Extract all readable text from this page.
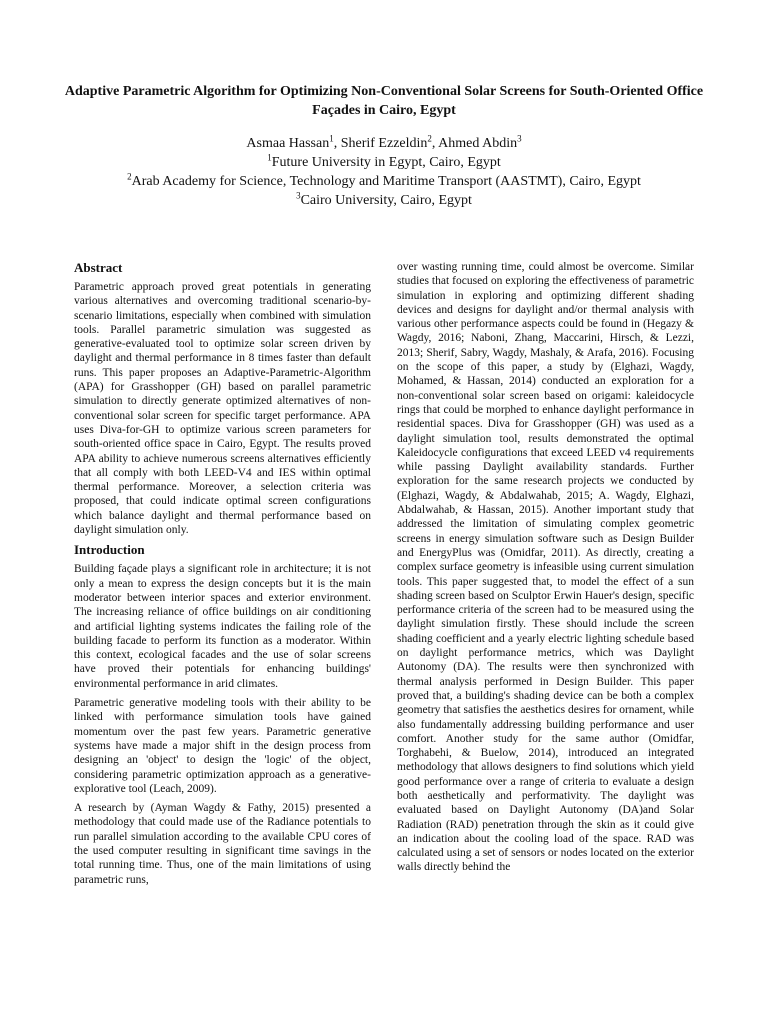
Adaptive Parametric Algorithm for Optimizing Non-Conventional Solar Screens for South-Oriented Office Façades in Cairo, Egypt
Asmaa Hassan$^1$, Sherif Ezzeldin$^2$, Ahmed Abdin$^3$
$^1$Future University in Egypt, Cairo, Egypt
$^2$Arab Academy for Science, Technology and Maritime Transport (AASTMT), Cairo, Egypt
$^3$Cairo University, Cairo, Egypt
Abstract

Parametric approach proved great potentials in generating various alternatives and overcoming traditional scenario-by-scenario limitations, especially when combined with simulation tools. Parallel parametric simulation was suggested as generative-evaluated tool to optimize solar screen driven by daylight and thermal performance in 8 times faster than default runs. This paper proposes an Adaptive-Parametric-Algorithm (APA) for Grasshopper (GH) based on parallel parametric simulation to directly generate optimized alternatives of non-conventional solar screen for specific target performance. APA uses Diva-for-GH to optimize various screen parameters for south-oriented office space in Cairo, Egypt. The results proved APA ability to achieve numerous screens alternatives efficiently that all comply with both LEED-V4 and IES within optimal thermal performance. Moreover, a selection criteria was proposed, that could indicate optimal screen configurations which balance daylight and thermal performance based on daylight simulation only.

Introduction

Building façade plays a significant role in architecture; it is not only a mean to express the design concepts but it is the main moderator between interior spaces and exterior environment. The increasing reliance of office buildings on air conditioning and artificial lighting systems indicates the failing role of the building facade to perform its function as a moderator. Within this context, ecological facades and the use of solar screens have proved their potentials for enhancing buildings' environmental performance in arid climates.

Parametric generative modeling tools with their ability to be linked with performance simulation tools have gained momentum over the past few years. Parametric generative systems have made a major shift in the design process from designing an 'object' to design the 'logic' of the object, considering parametric optimization approach as a generative-explorative tool (Leach, 2009).

A research by (Ayman Wagdy & Fathy, 2015) presented a methodology that could made use of the Radiance potentials to run parallel simulation according to the available CPU cores of the used computer resulting in significant time savings in the total running time. Thus, one of the main limitations of using parametric runs,

over wasting running time, could almost be overcome. Similar studies that focused on exploring the effectiveness of parametric simulation in exploring and optimizing different shading devices and designs for daylight and/or thermal analysis with various other performance aspects could be found in (Hegazy & Wagdy, 2016; Naboni, Zhang, Maccarini, Hirsch, & Lezzi, 2013; Sherif, Sabry, Wagdy, Mashaly, & Arafa, 2016). Focusing on the scope of this paper, a study by (Elghazi, Wagdy, Mohamed, & Hassan, 2014) conducted an exploration for a non-conventional solar screen based on origami: kaleidocycle rings that could be morphed to enhance daylight performance in residential spaces. Diva for Grasshopper (GH) was used as a daylight simulation tool, results demonstrated the optimal Kaleidocycle configurations that exceed LEED v4 requirements while passing Daylight availability standards. Further exploration for the same research projects we conducted by (Elghazi, Wagdy, & Abdalwahab, 2015; A. Wagdy, Elghazi, Abdalwahab, & Hassan, 2015). Another important study that addressed the limitation of simulating complex geometric screens in energy simulation software such as Design Builder and EnergyPlus was (Omidfar, 2011). As directly, creating a complex surface geometry is infeasible using current simulation tools. This paper suggested that, to model the effect of a sun shading screen based on Sculptor Erwin Hauer's design, specific performance criteria of the screen had to be measured using the daylight simulation firstly. These should include the screen shading coefficient and a yearly electric lighting schedule based on daylight performance metrics, which was Daylight Autonomy (DA). The results were then synchronized with thermal analysis performed in Design Builder. This paper proved that, a building's shading device can be both a complex geometry that satisfies the aesthetics desires for ornament, while also fundamentally addressing building performance and user comfort. Another study for the same author (Omidfar, Torghabehi, & Buelow, 2014), introduced an integrated methodology that allows designers to find solutions which yield good performance over a range of criteria to evaluate a design both aesthetically and performativity. The daylight was evaluated based on Daylight Autonomy (DA)and Solar Radiation (RAD) penetration through the skin as it could give an indication about the cooling load of the space. RAD was calculated using a set of sensors or nodes located on the exterior walls directly behind the
